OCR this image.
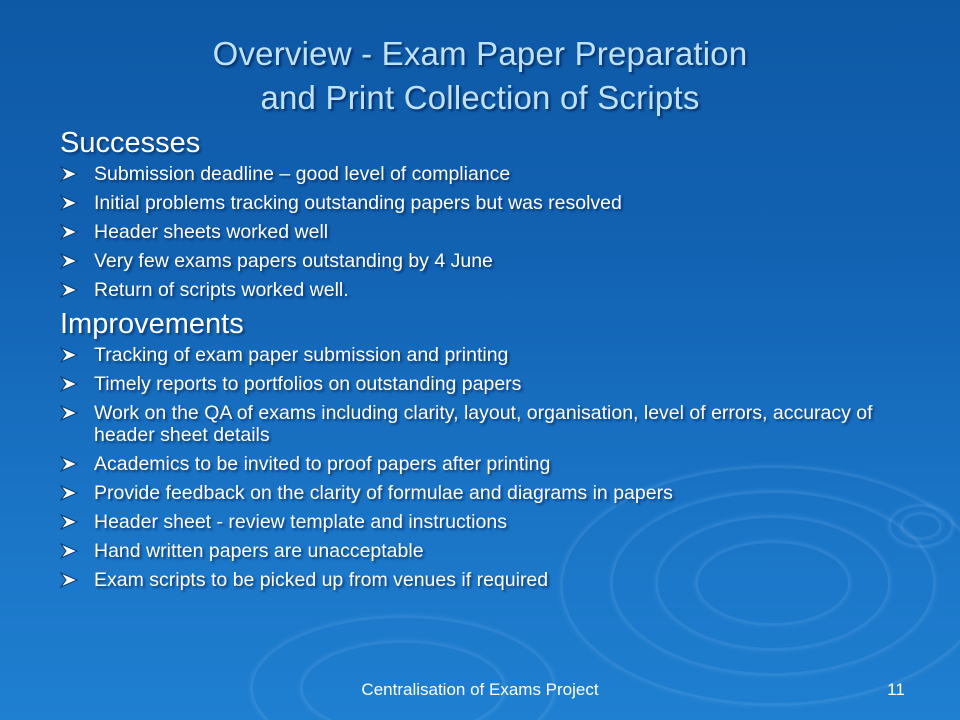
Overview - Exam Paper Preparation
and Print Collection of Scripts
Successes
Submission deadline – good level of compliance
Initial problems tracking outstanding papers but was resolved
Header sheets worked well
Very few exams papers outstanding by 4 June
Return of scripts worked well.
Improvements
Tracking of exam paper submission and printing
Timely reports to portfolios on outstanding papers
Work on the QA of exams including clarity, layout, organisation, level of errors, accuracy of header sheet details
Academics to be invited to proof papers after printing
Provide feedback on the clarity of formulae and diagrams in papers
Header sheet - review template and instructions
Hand written papers are unacceptable
Exam scripts to be picked up from venues if required
Centralisation of Exams Project	11
